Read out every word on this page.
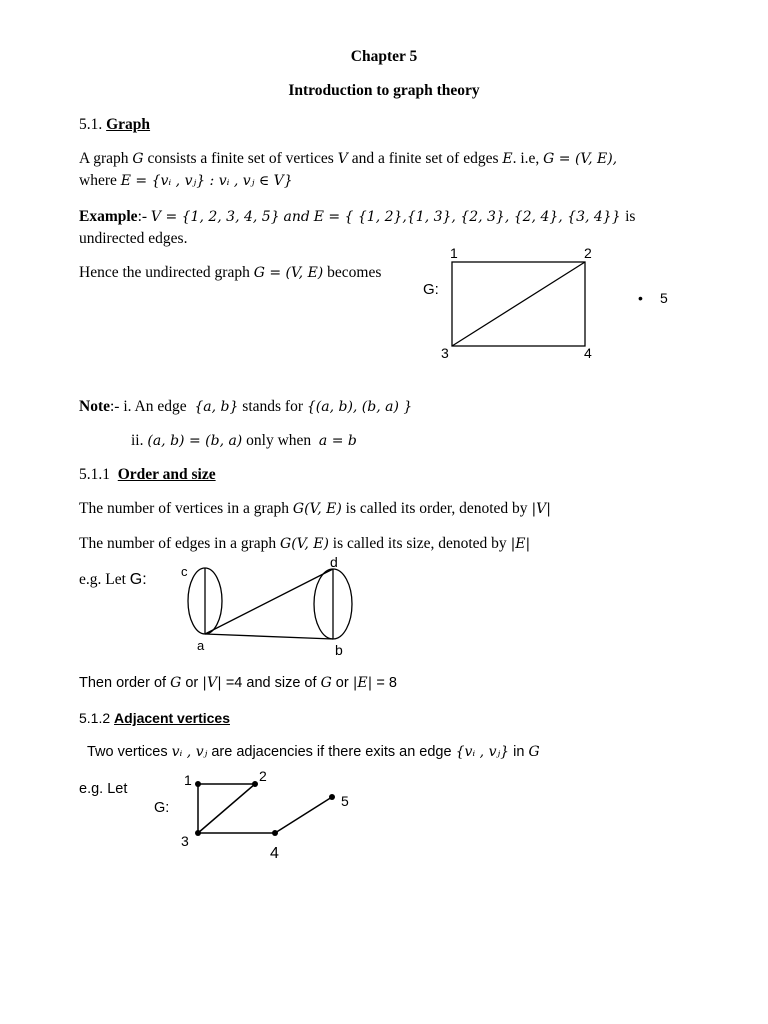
Chapter 5
Introduction to graph theory
5.1. Graph
A graph G consists a finite set of vertices V and a finite set of edges E. i.e, G = (V, E),
where E = {vᵢ , vⱼ} : vᵢ , vⱼ ∈ V}
Example:- V = {1, 2, 3, 4, 5} and E = { {1, 2},{1, 3}, {2, 3}, {2, 4}, {3, 4}} is
undirected edges.
Hence the undirected graph G = (V, E) becomes
G:
1	2
3	4
• 5
Note:- i. An edge {a, b} stands for {(a, b), (b, a) }
ii. (a, b) = (b, a) only when a = b
5.1.1 Order and size
The number of vertices in a graph G(V, E) is called its order, denoted by |V|
The number of edges in a graph G(V, E) is called its size, denoted by |E|
e.g. Let G:	c
d
a	b
Then order of G or |V| =4 and size of G or |E| = 8
5.1.2 Adjacent vertices
Two vertices vᵢ , vⱼ are adjacencies if there exits an edge {vᵢ , vⱼ} in G
e.g. Let
G:
1	2
3
4
5
